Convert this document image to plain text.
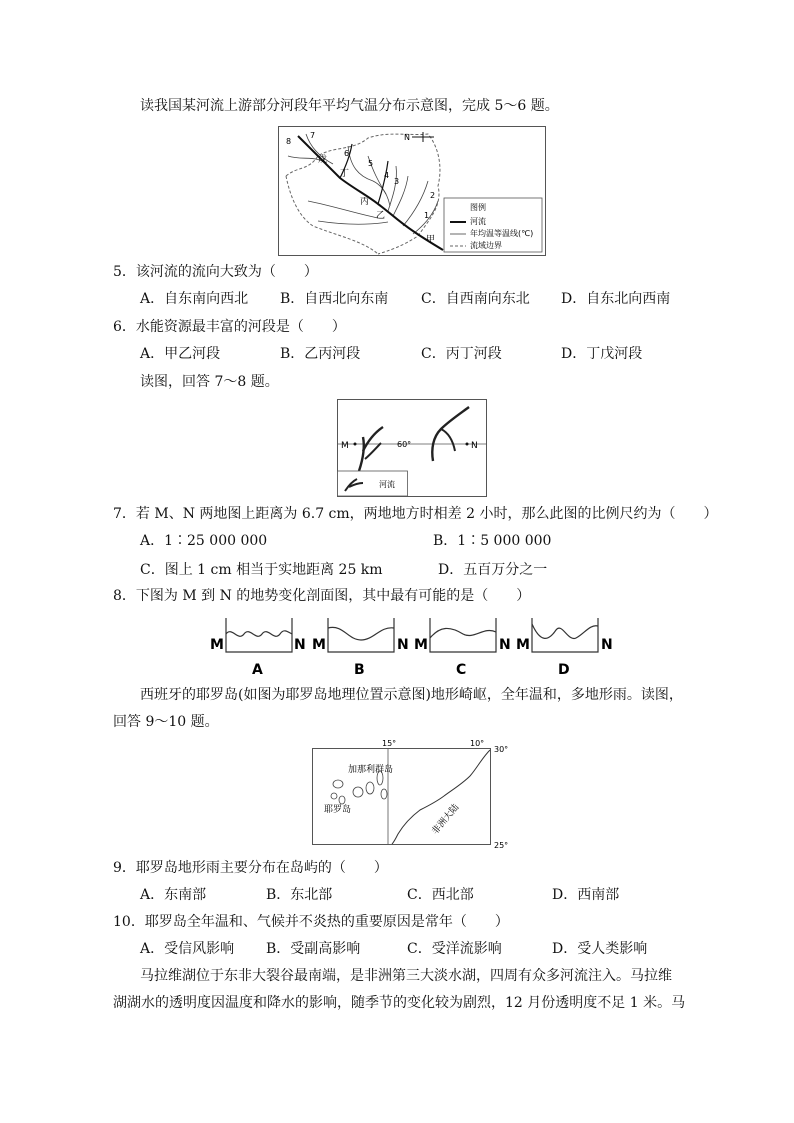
读我国某河流上游部分河段年平均气温分布示意图，完成 5～6 题。
8
7
6
5
4
3
2
1
戊
丁
丙
乙
甲
N
图例
河流
年均温等温线(℃)
流域边界
5．该河流的流向大致为（　　）
A．自东南向西北 B．自西北向东南 C．自西南向东北 D．自东北向西南
6．水能资源最丰富的河段是（　　）
A．甲乙河段	B．乙丙河段	C．丙丁河段	D．丁戊河段
读图，回答 7～8 题。
M	60°	N
河流
7．若 M、N 两地图上距离为 6.7 cm，两地地方时相差 2 小时，那么此图的比例尺约为（　　）
A．1∶25 000 000	B．1∶5 000 000
C．图上 1 cm 相当于实地距离 25 km	D．五百万分之一
8．下图为 M 到 N 的地势变化剖面图，其中最有可能的是（　　）
M	N M	N M	N M	N
A	B	C	D
西班牙的耶罗岛(如图为耶罗岛地理位置示意图)地形崎岖，全年温和，多地形雨。读图，
回答 9～10 题。
15°	10°
30°
25°
加那利群岛
耶罗岛	非洲大陆
9．耶罗岛地形雨主要分布在岛屿的（　　）
A．东南部	B．东北部	C．西北部	D．西南部
10．耶罗岛全年温和、气候并不炎热的重要原因是常年（　　）
A．受信风影响 B．受副高影响	C．受洋流影响	D．受人类影响
马拉维湖位于东非大裂谷最南端，是非洲第三大淡水湖，四周有众多河流注入。马拉维
湖湖水的透明度因温度和降水的影响，随季节的变化较为剧烈，12 月份透明度不足 1 米。马
